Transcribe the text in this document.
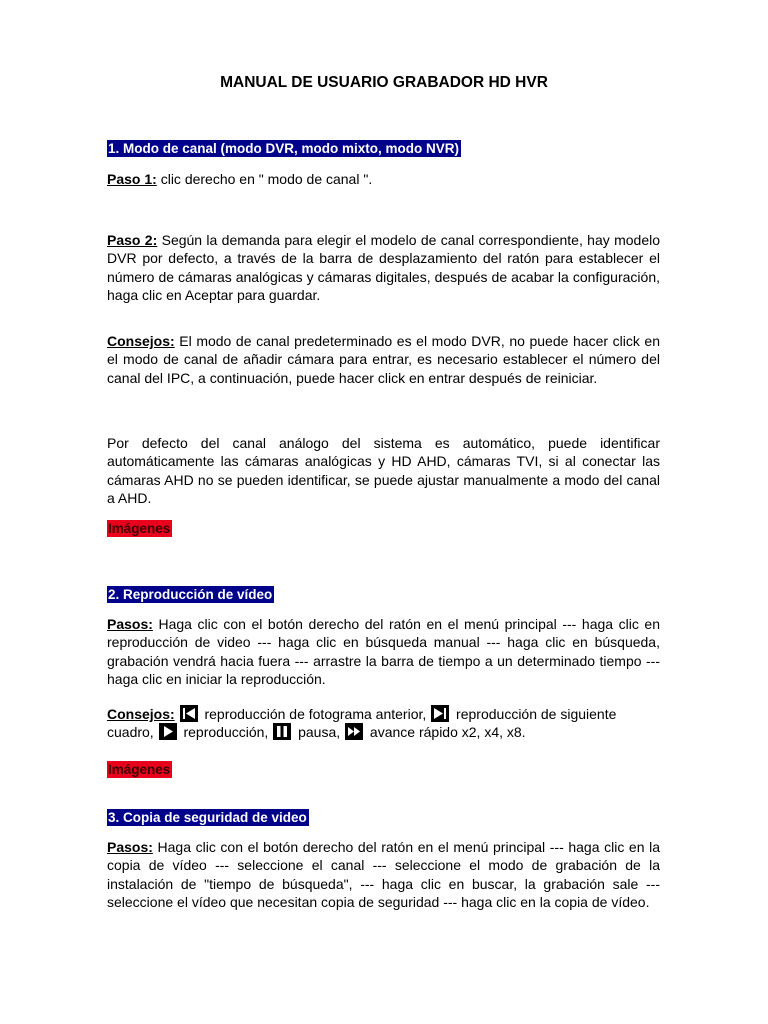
MANUAL DE USUARIO GRABADOR HD HVR
1. Modo de canal (modo DVR, modo mixto, modo NVR)
Paso 1: clic derecho en " modo de canal ".
Paso 2: Según la demanda para elegir el modelo de canal correspondiente, hay modelo DVR por defecto, a través de la barra de desplazamiento del ratón para establecer el número de cámaras analógicas y cámaras digitales, después de acabar la configuración, haga clic en Aceptar para guardar.
Consejos: El modo de canal predeterminado es el modo DVR, no puede hacer click en el modo de canal de añadir cámara para entrar, es necesario establecer el número del canal del IPC, a continuación, puede hacer click en entrar después de reiniciar.
Por defecto del canal análogo del sistema es automático, puede identificar automáticamente las cámaras analógicas y HD AHD, cámaras TVI, si al conectar las cámaras AHD no se pueden identificar, se puede ajustar manualmente a modo del canal a AHD.
Imágenes
2. Reproducción de vídeo
Pasos: Haga clic con el botón derecho del ratón en el menú principal --- haga clic en reproducción de video --- haga clic en búsqueda manual --- haga clic en búsqueda, grabación vendrá hacia fuera --- arrastre la barra de tiempo a un determinado tiempo --- haga clic en iniciar la reproducción.
Consejos:
reproducción de fotograma anterior,
reproducción de siguiente cuadro,
reproducción,
pausa,
avance rápido x2, x4, x8.
Imágenes
3. Copia de seguridad de video
Pasos: Haga clic con el botón derecho del ratón en el menú principal --- haga clic en la copia de vídeo --- seleccione el canal --- seleccione el modo de grabación de la instalación de "tiempo de búsqueda", --- haga clic en buscar, la grabación sale --- seleccione el vídeo que necesitan copia de seguridad --- haga clic en la copia de vídeo.
